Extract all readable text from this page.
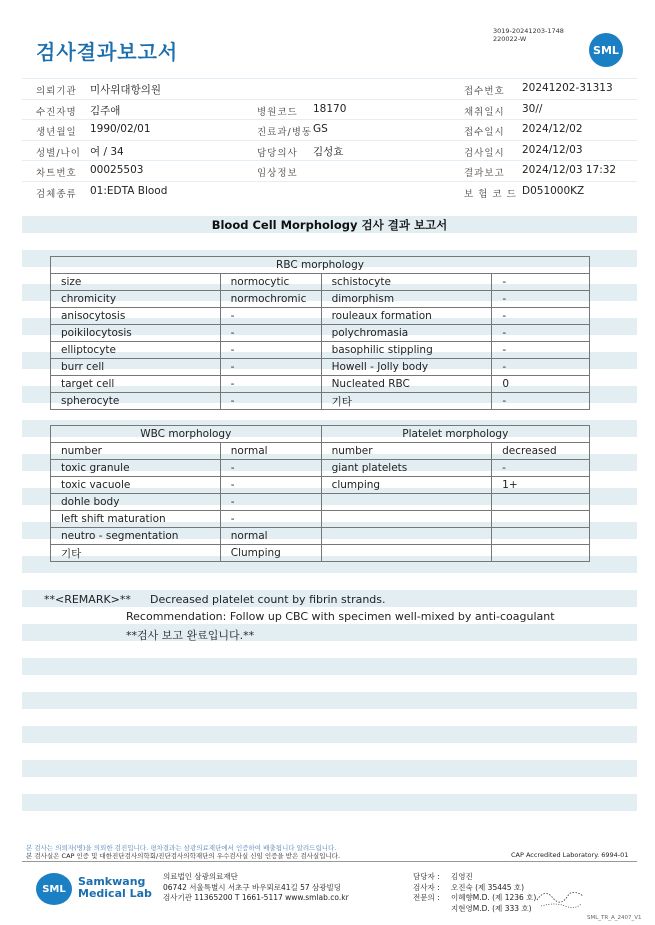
검사결과보고서
3019-20241203-1748
220022-W
SML
의뢰기관 미사위대항의원	접수번호 20241202-31313
수진자명 김주애	병원코드 18170	채취일시 30//
생년월일 1990/02/01	진료과/병동 GS	접수일시 2024/12/02
성별/나이 여 / 34	담당의사 김성효	검사일시 2024/12/03
차트번호 00025503	임상정보	결과보고 2024/12/03 17:32
검체종류 01:EDTA Blood	보 험 코 드 D051000KZ
Blood Cell Morphology 검사 결과 보고서
RBC morphology			
size	normocytic	schistocyte	-
chromicity	normochromic	dimorphism	-
anisocytosis	-	rouleaux formation	-
poikilocytosis	-	polychromasia	-
elliptocyte	-	basophilic stippling	-
burr cell	-	Howell - Jolly body	-
target cell	-	Nucleated RBC	0
spherocyte	-	기타	-
WBC morphology		Platelet morphology	
number	normal	number	decreased
toxic granule	-	giant platelets	-
toxic vacuole	-	clumping	1+
dohle body	-		
left shift maturation	-		
neutro - segmentation	normal		
기타	Clumping		
**<REMARK>** Decreased platelet count by fibrin strands.
Recommendation: Follow up CBC with specimen well-mixed by anti-coagulant
**검사 보고 완료입니다.**
본 검사는 의뢰자(병)을 의뢰한 검진입니다. 평차결과는 삼광의료재단에서 인증하여 배출됩니다 알려드립니다.
본 검사실은 CAP 인증 및 대한진단검사의학회/진단검사의학재단의 우수검사실 신임 인증을 받은 검사실입니다.	CAP Accredited Laboratory. 6994-01
SML
Samkwang
Medical Lab
의료법인 삼광의료재단
06742 서울특별시 서초구 바우뫼로41길 57 삼광빌딩
검사기관 11365200 T 1661-5117 www.smlab.co.kr
담당자 : 김영진
검사자 : 오진숙 (제 35445 호)
전문의 : 이혜향M.D. (제 1236 호)
지현영M.D. (제 333 호)
SML_TR_A_2407_V1
